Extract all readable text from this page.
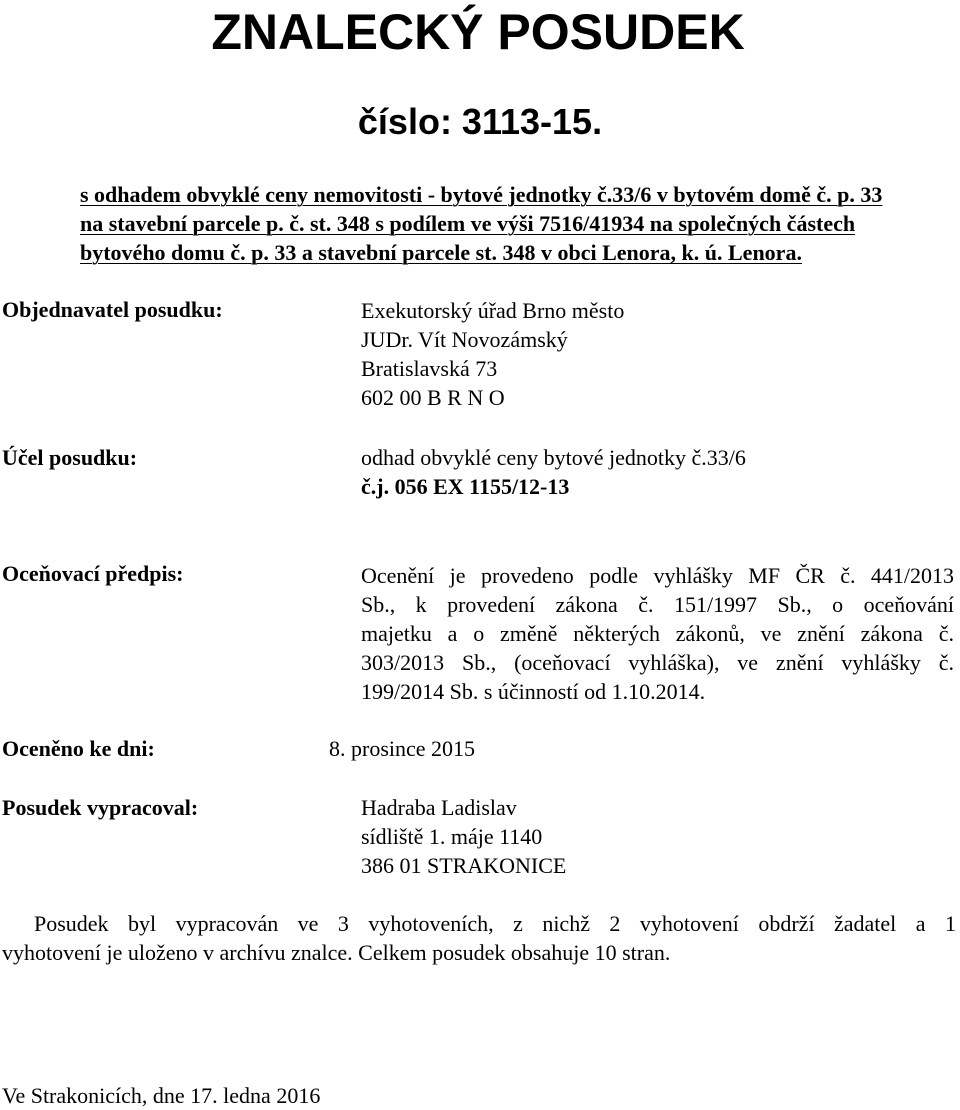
ZNALECKÝ POSUDEK
číslo: 3113-15.
s odhadem obvyklé ceny nemovitosti - bytové jednotky č.33/6 v bytovém domě č. p. 33
na stavební parcele p. č. st. 348 s podílem ve výši 7516/41934 na společných částech
bytového domu č. p. 33 a stavební parcele st. 348 v obci Lenora, k. ú. Lenora.
Objednavatel posudku:	Exekutorský úřad Brno město
JUDr. Vít Novozámský
Bratislavská 73
602 00 B R N O
Účel posudku:	odhad obvyklé ceny bytové jednotky č.33/6
č.j. 056 EX 1155/12-13
Oceňovací předpis:	Ocenění je provedeno podle vyhlášky MF ČR č. 441/2013
Sb., k provedení zákona č. 151/1997 Sb., o oceňování
majetku a o změně některých zákonů, ve znění zákona č.
303/2013 Sb., (oceňovací vyhláška), ve znění vyhlášky č.
199/2014 Sb. s účinností od 1.10.2014.
Oceněno ke dni:	8. prosince 2015
Posudek vypracoval:	Hadraba Ladislav
sídliště 1. máje 1140
386 01 STRAKONICE
Posudek byl vypracován ve 3 vyhotoveních, z nichž 2 vyhotovení obdrží žadatel a 1
vyhotovení je uloženo v archívu znalce. Celkem posudek obsahuje 10 stran.
Ve Strakonicích, dne 17. ledna 2016
